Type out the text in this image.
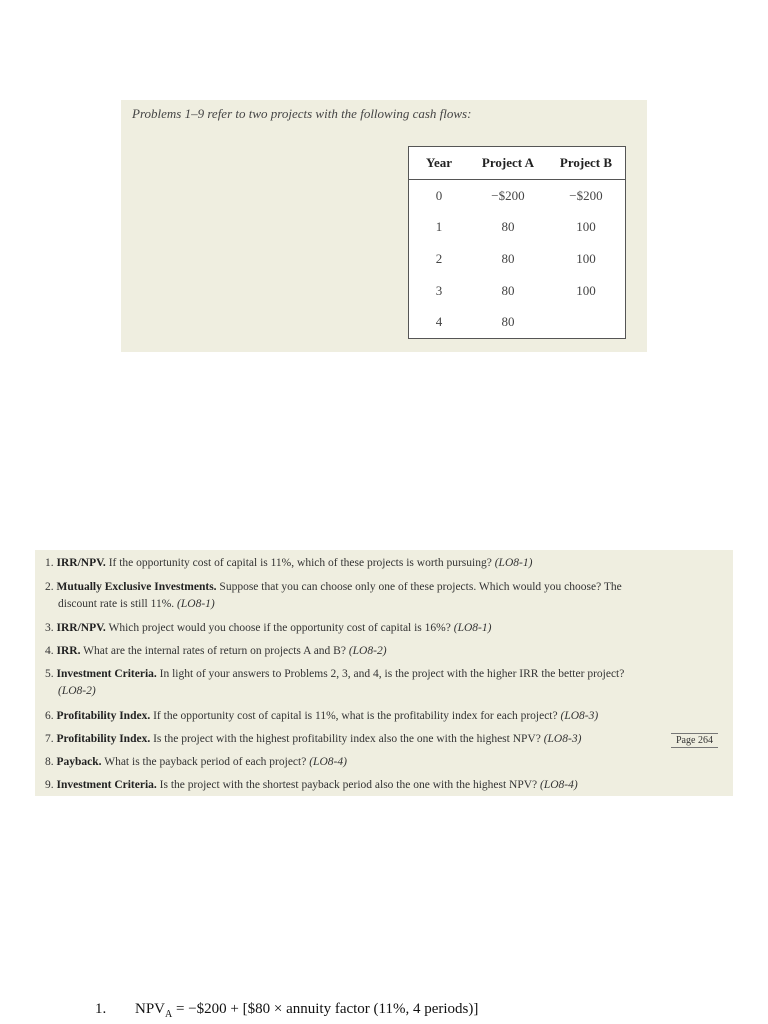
Problems 1–9 refer to two projects with the following cash flows:
Year	Project A	Project B
0	−$200	−$200
1	80	100
2	80	100
3	80	100
4	80	
1. IRR/NPV. If the opportunity cost of capital is 11%, which of these projects is worth pursuing? (LO8-1)
2. Mutually Exclusive Investments. Suppose that you can choose only one of these projects. Which would you choose? The
discount rate is still 11%. (LO8-1)
3. IRR/NPV. Which project would you choose if the opportunity cost of capital is 16%? (LO8-1)
4. IRR. What are the internal rates of return on projects A and B? (LO8-2)
5. Investment Criteria. In light of your answers to Problems 2, 3, and 4, is the project with the higher IRR the better project?
(LO8-2)
6. Profitability Index. If the opportunity cost of capital is 11%, what is the profitability index for each project? (LO8-3)
7. Profitability Index. Is the project with the highest profitability index also the one with the highest NPV? (LO8-3)	Page 264
8. Payback. What is the payback period of each project? (LO8-4)
9. Investment Criteria. Is the project with the shortest payback period also the one with the highest NPV? (LO8-4)
1. $NPV_A$ = −$200 + [$80 × annuity factor (11%, 4 periods)]
